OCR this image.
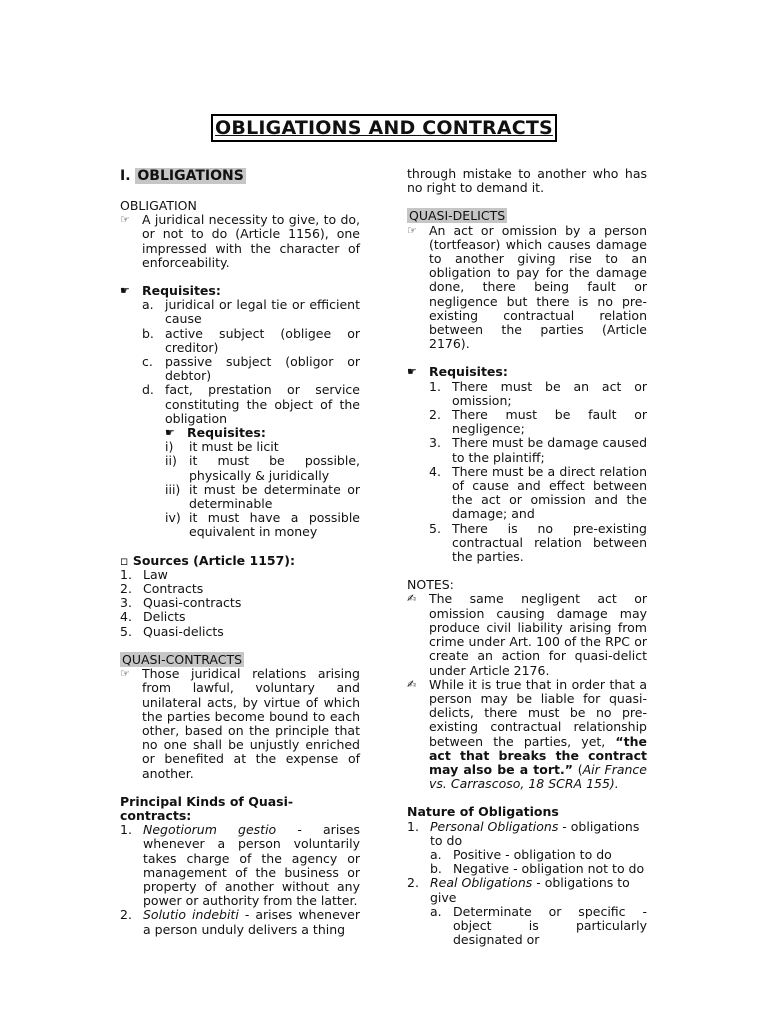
OBLIGATIONS AND CONTRACTS
I. OBLIGATIONS
OBLIGATION
☞ A juridical necessity to give, to do, or not to do (Article 1156), one impressed with the character of enforceability.
☛ Requisites:
a. juridical or legal tie or efficient cause
b. active subject (obligee or creditor)
c. passive subject (obligor or debtor)
d. fact, prestation or service constituting the object of the obligation
☛ Requisites:
i)	it must be licit
ii) it must be possible, physically & juridically
iii) it must be determinate or determinable
iv) it must have a possible equivalent in money
▫ Sources (Article 1157):
1. Law
2. Contracts
3. Quasi-contracts
4. Delicts
5. Quasi-delicts
QUASI-CONTRACTS
☞ Those juridical relations arising from lawful, voluntary and unilateral acts, by virtue of which the parties become bound to each other, based on the principle that no one shall be unjustly enriched or benefited at the expense of another.
Principal Kinds of Quasi-contracts:
1. Negotiorum gestio - arises whenever a person voluntarily takes charge of the agency or management of the business or property of another without any power or authority from the latter.
2. Solutio indebiti - arises whenever a person unduly delivers a thing
through mistake to another who has no right to demand it.
QUASI-DELICTS
☞ An act or omission by a person (tortfeasor) which causes damage to another giving rise to an obligation to pay for the damage done, there being fault or negligence but there is no pre-existing contractual relation between the parties (Article 2176).
☛ Requisites:
1. There must be an act or omission;
2. There must be fault or negligence;
3. There must be damage caused to the plaintiff;
4. There must be a direct relation of cause and effect between the act or omission and the damage; and
5. There is no pre-existing contractual relation between the parties.
NOTES:
✍	The same negligent act or omission causing damage may produce civil liability arising from crime under Art. 100 of the RPC or create an action for quasi-delict under Article 2176.
✍	While it is true that in order that a person may be liable for quasi-delicts, there must be no pre-existing contractual relationship between the parties, yet, “the act that breaks the contract may also be a tort.” (Air France vs. Carrascoso, 18 SCRA 155).
Nature of Obligations
1. Personal Obligations - obligations to do
a. Positive - obligation to do
b. Negative - obligation not to do
2. Real Obligations - obligations to give
a. Determinate or specific - object is particularly designated or
